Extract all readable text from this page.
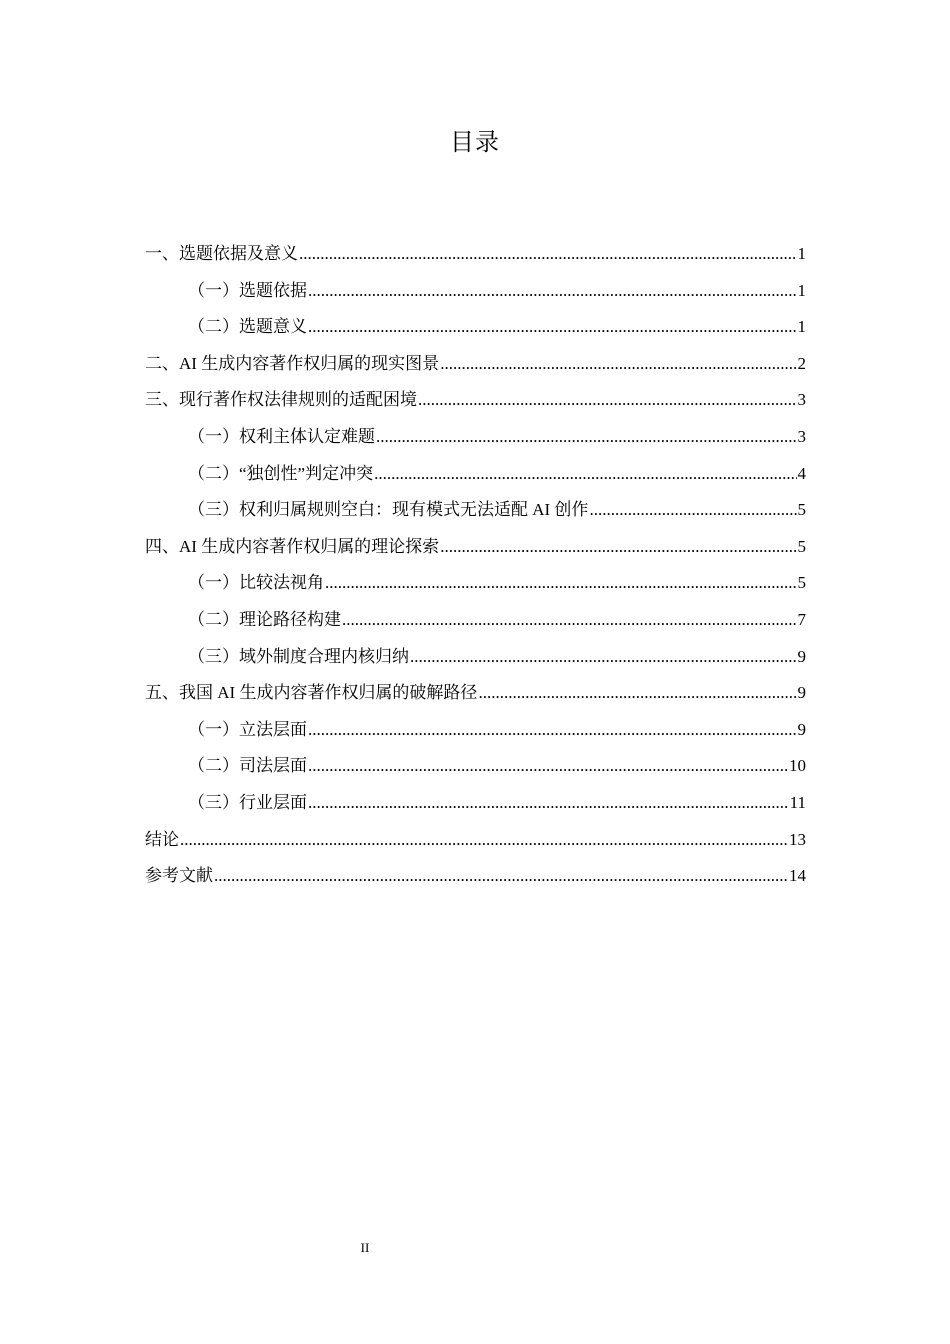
目录
一、选题依据及意义 .....	1
（一）选题依据 .....	1
（二）选题意义 .....	1
二、AI 生成内容著作权归属的现实图景 .....	2
三、现行著作权法律规则的适配困境 .....	3
（一）权利主体认定难题 .....	3
（二）“独创性”判定冲突 .....	4
（三）权利归属规则空白：现有模式无法适配 AI 创作 .....	5
四、AI 生成内容著作权归属的理论探索 .....	5
（一）比较法视角 .....	5
（二）理论路径构建 .....	7
（三）域外制度合理内核归纳 .....	9
五、我国 AI 生成内容著作权归属的破解路径 .....	9
（一）立法层面 .....	9
（二）司法层面 .....	10
（三）行业层面 .....	11
结论 .....	13
参考文献 .....	14
II
